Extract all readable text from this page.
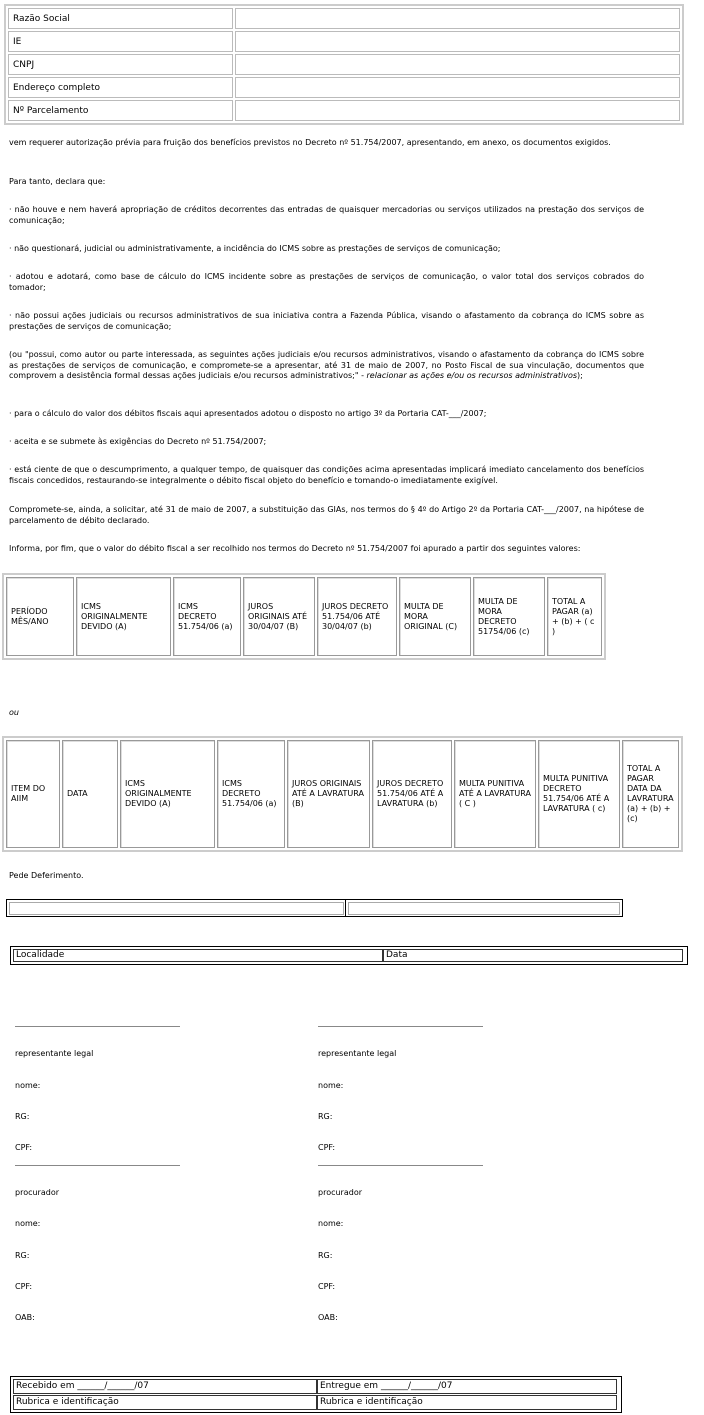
Razão Social	
IE	
CNPJ	
Endereço completo	
Nº Parcelamento	

vem requerer autorização prévia para fruição dos benefícios previstos no Decreto nº 51.754/2007, apresentando, em anexo, os documentos exigidos.

Para tanto, declara que:

· não houve e nem haverá apropriação de créditos decorrentes das entradas de quaisquer mercadorias ou serviços utilizados na prestação dos serviços de comunicação;

· não questionará, judicial ou administrativamente, a incidência do ICMS sobre as prestações de serviços de comunicação;

· adotou e adotará, como base de cálculo do ICMS incidente sobre as prestações de serviços de comunicação, o valor total dos serviços cobrados do tomador;

· não possui ações judiciais ou recursos administrativos de sua iniciativa contra a Fazenda Pública, visando o afastamento da cobrança do ICMS sobre as prestações de serviços de comunicação;

(ou "possui, como autor ou parte interessada, as seguintes ações judiciais e/ou recursos administrativos, visando o afastamento da cobrança do ICMS sobre as prestações de serviços de comunicação, e compromete-se a apresentar, até 31 de maio de 2007, no Posto Fiscal de sua vinculação, documentos que comprovem a desistência formal dessas ações judiciais e/ou recursos administrativos;" - relacionar as ações e/ou os recursos administrativos);

· para o cálculo do valor dos débitos fiscais aqui apresentados adotou o disposto no artigo 3º da Portaria CAT-___/2007;

· aceita e se submete às exigências do Decreto nº 51.754/2007;

· está ciente de que o descumprimento, a qualquer tempo, de quaisquer das condições acima apresentadas implicará imediato cancelamento dos benefícios fiscais concedidos, restaurando-se integralmente o débito fiscal objeto do benefício e tomando-o imediatamente exigível.

Compromete-se, ainda, a solicitar, até 31 de maio de 2007, a substituição das GIAs, nos termos do § 4º do Artigo 2º da Portaria CAT-___/2007, na hipótese de parcelamento de débito declarado.

Informa, por fim, que o valor do débito fiscal a ser recolhido nos termos do Decreto nº 51.754/2007 foi apurado a partir dos seguintes valores:

PERÍODO MÊS/ANO	ICMS ORIGINALMENTE DEVIDO (A)	ICMS DECRETO 51.754/06 (a)	JUROS ORIGINAIS ATÉ 30/04/07 (B)	JUROS DECRETO 51.754/06 ATÉ 30/04/07 (b)	MULTA DE MORA ORIGINAL (C)	MULTA DE MORA DECRETO 51754/06 (c)	TOTAL A PAGAR (a) + (b) + ( c )

ou

ITEM DO AIIM	DATA	ICMS ORIGINALMENTE DEVIDO (A)	ICMS DECRETO 51.754/06 (a)	JUROS ORIGINAIS ATÉ A LAVRATURA (B)	JUROS DECRETO 51.754/06 ATÉ A LAVRATURA (b)	MULTA PUNITIVA ATÉ A LAVRATURA ( C )	MULTA PUNITIVA DECRETO 51.754/06 ATÉ A LAVRATURA ( c)	TOTAL A PAGAR DATA DA LAVRATURA (a) + (b) + (c)

Pede Deferimento.

Localidade	Data
representante legal	representante legal
nome:	nome:
RG:	RG:
CPF:	CPF:
procurador	procurador
nome:	nome:
RG:	RG:
CPF:	CPF:
OAB:	OAB:
Recebido em ______/______/07	Entregue em ______/______/07
Rubrica e identificação	Rubrica e identificação
